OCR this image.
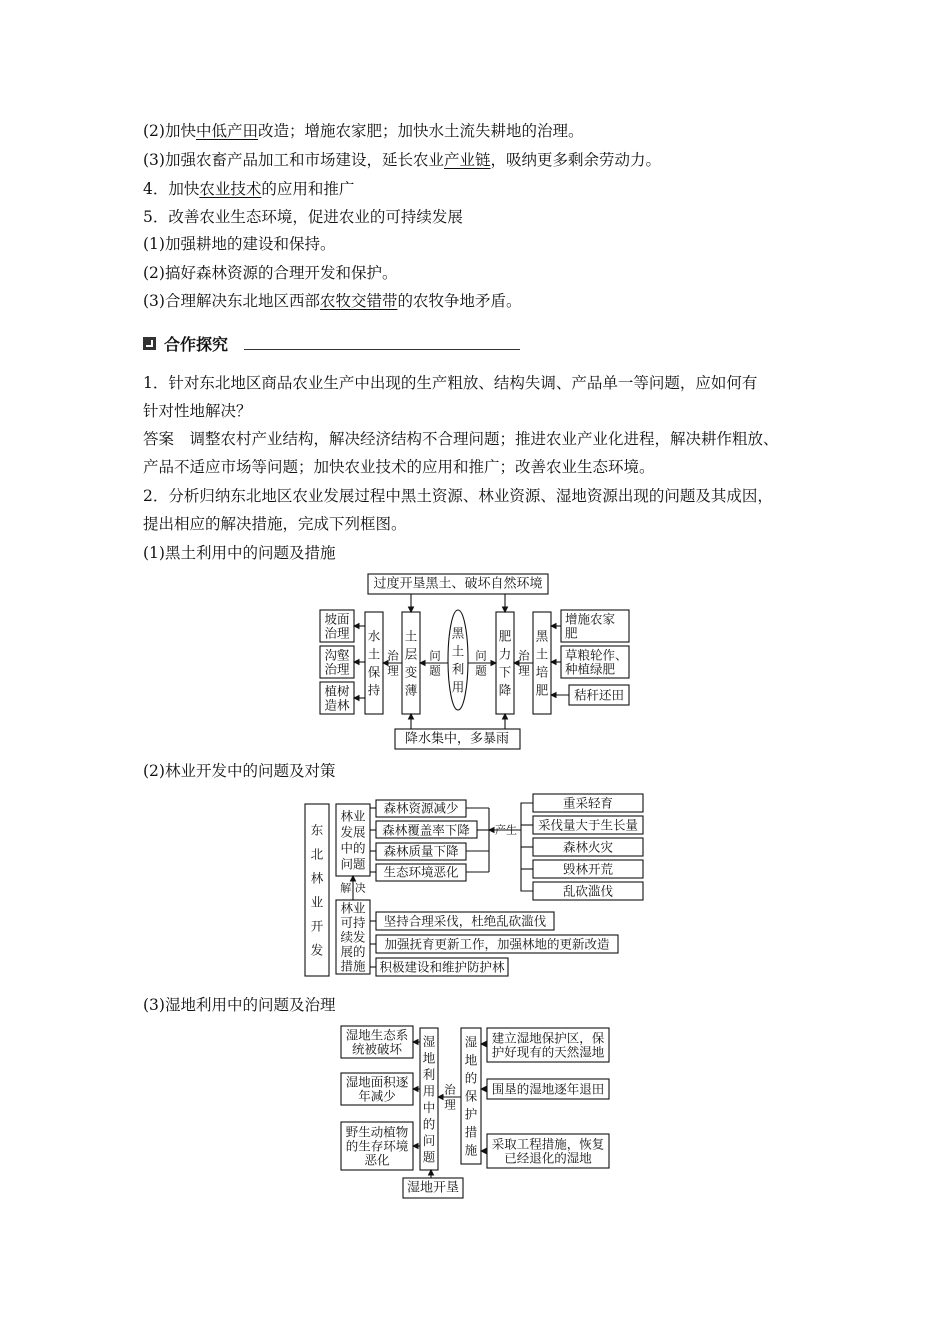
(2)加快中低产田改造；增施农家肥；加快水土流失耕地的治理。
(3)加强农畜产品加工和市场建设，延长农业产业链，吸纳更多剩余劳动力。
4．加快农业技术的应用和推广
5．改善农业生态环境，促进农业的可持续发展
(1)加强耕地的建设和保持。
(2)搞好森林资源的合理开发和保护。
(3)合理解决东北地区西部农牧交错带的农牧争地矛盾。
合作探究
1．针对东北地区商品农业生产中出现的生产粗放、结构失调、产品单一等问题，应如何有
针对性地解决？
答案　调整农村产业结构，解决经济结构不合理问题；推进农业产业化进程，解决耕作粗放、
产品不适应市场等问题；加快农业技术的应用和推广；改善农业生态环境。
2．分析归纳东北地区农业发展过程中黑土资源、林业资源、湿地资源出现的问题及其成因，
提出相应的解决措施，完成下列框图。
(1)黑土利用中的问题及措施
(2)林业开发中的问题及对策
(3)湿地利用中的问题及治理
过度开垦黑土、破坏自然环境
降水集中，多暴雨
坡面治理
沟壑治理
植树造林
水土保持
治理
土层变薄
问题
黑土利用
问题
肥力下降
治理
黑土培肥
增施农家肥
草粮轮作、种植绿肥
秸秆还田
东北林业开发
林业发展中的问题
解 决
林业可持续发展的措施
森林资源减少
森林覆盖率下降
森林质量下降
生态环境恶化
产生
重采轻育
采伐量大于生长量
森林火灾
毁林开荒
乱砍滥伐
坚持合理采伐，杜绝乱砍滥伐
加强抚育更新工作，加强林地的更新改造
积极建设和维护防护林
湿地生态系统被破坏
湿地面积逐年减少
野生动植物的生存环境恶化
湿地利用中的问题
治理
湿地的保护措施
建立湿地保护区，保护好现有的天然湿地
围垦的湿地逐年退田
采取工程措施，恢复已经退化的湿地
湿地开垦
